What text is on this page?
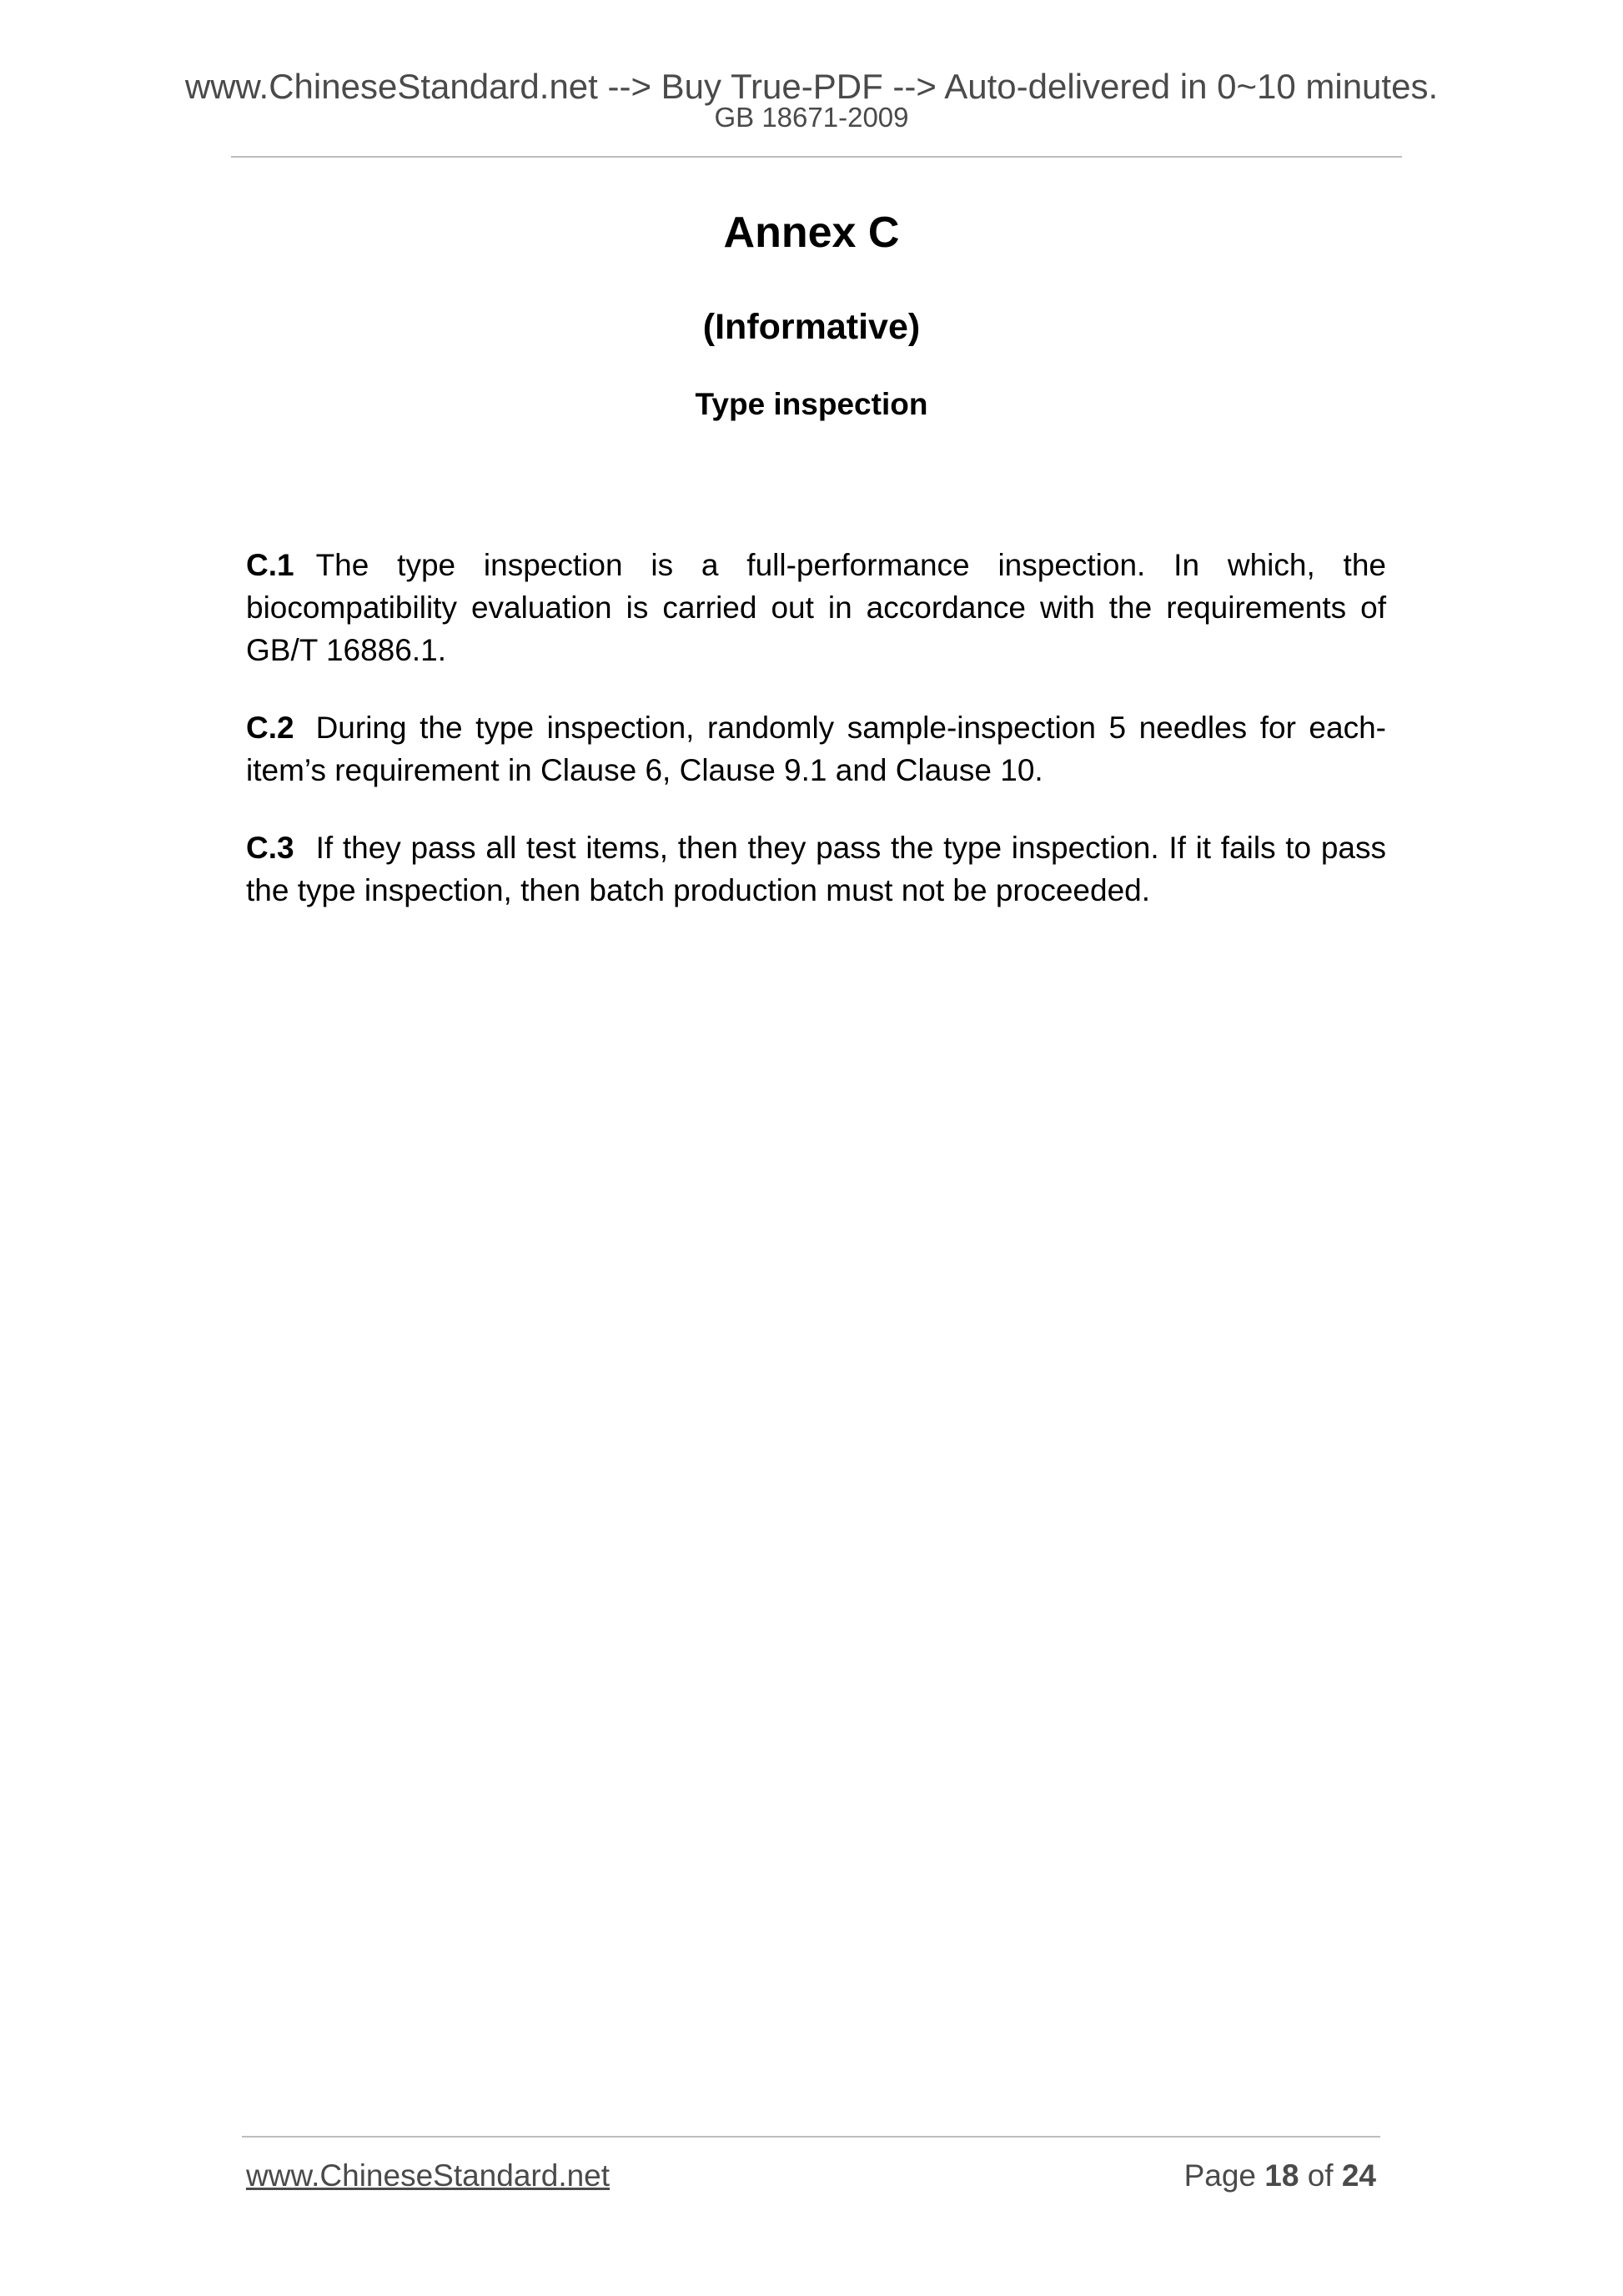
www.ChineseStandard.net --> Buy True-PDF --> Auto-delivered in 0~10 minutes.
GB 18671-2009
Annex C
(Informative)
Type inspection

C.1 The type inspection is a full-performance inspection. In which, the biocompatibility evaluation is carried out in accordance with the requirements of GB/T 16886.1.

C.2 During the type inspection, randomly sample-inspection 5 needles for each-item’s requirement in Clause 6, Clause 9.1 and Clause 10.

C.3 If they pass all test items, then they pass the type inspection. If it fails to pass the type inspection, then batch production must not be proceeded.

www.ChineseStandard.net	Page 18 of 24
